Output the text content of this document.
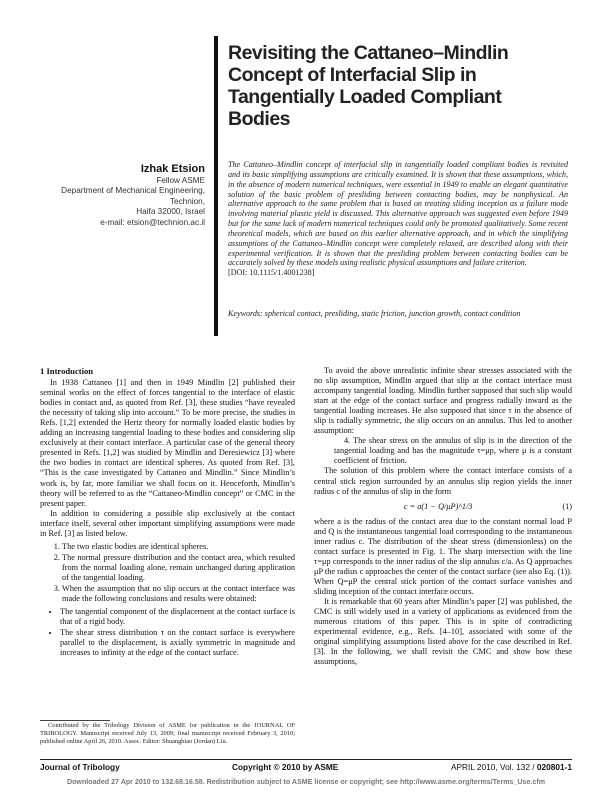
Revisiting the Cattaneo–Mindlin Concept of Interfacial Slip in Tangentially Loaded Compliant Bodies
Izhak Etsion
Fellow ASME
Department of Mechanical Engineering,
Technion,
Haifa 32000, Israel
e-mail: etsion@technion.ac.il
The Cattaneo–Mindlin concept of interfacial slip in tangentially loaded compliant bodies is revisited and its basic simplifying assumptions are critically examined. It is shown that these assumptions, which, in the absence of modern numerical techniques, were essential in 1949 to enable an elegant quantitative solution of the basic problem of presliding between contacting bodies, may be nonphysical. An alternative approach to the same problem that is based on treating sliding inception as a failure mode involving material plastic yield is discussed. This alternative approach was suggested even before 1949 but for the same lack of modern numerical techniques could only be promoted qualitatively. Some recent theoretical models, which are based on this earlier alternative approach, and in which the simplifying assumptions of the Cattaneo–Mindlin concept were completely relaxed, are described along with their experimental verification. It is shown that the presliding problem between contacting bodies can be accurately solved by these models using realistic physical assumptions and failure criterion.
[DOI: 10.1115/1.4001238]
Keywords: spherical contact, presliding, static friction, junction growth, contact condition
1 Introduction

In 1938 Cattaneo [1] and then in 1949 Mindlin [2] published their seminal works on the effect of forces tangential to the interface of elastic bodies in contact and, as quoted from Ref. [3], these studies “have revealed the necessity of taking slip into account.” To be more precise, the studies in Refs. [1,2] extended the Hertz theory for normally loaded elastic bodies by adding an increasing tangential loading to these bodies and considering slip exclusively at their contact interface. A particular case of the general theory presented in Refs. [1,2] was studied by Mindlin and Deresiewicz [3] where the two bodies in contact are identical spheres. As quoted from Ref. [3], “This is the case investigated by Cattaneo and Mindlin.” Since Mindlin’s work is, by far, more familiar we shall focus on it. Henceforth, Mindlin’s theory will be referred to as the “Cattaneo-Mindlin concept” or CMC in the present paper.

In addition to considering a possible slip exclusively at the contact interface itself, several other important simplifying assumptions were made in Ref. [3] as listed below.

1. The two elastic bodies are identical spheres.
2. The normal pressure distribution and the contact area, which resulted from the normal loading alone, remain unchanged during application of the tangential loading.
3. When the assumption that no slip occurs at the contact interface was made the following conclusions and results were obtained:
• The tangential component of the displacement at the contact surface is that of a rigid body.
• The shear stress distribution τ on the contact surface is everywhere parallel to the displacement, is axially symmetric in magnitude and increases to infinity at the edge of the contact surface.

To avoid the above unrealistic infinite shear stresses associated with the no slip assumption, Mindlin argued that slip at the contact interface must accompany tangential loading. Mindlin further supposed that such slip would start at the edge of the contact surface and progress radially inward as the tangential loading increases. He also supposed that since τ in the absence of slip is radially symmetric, the slip occurs on an annulus. This led to another assumption:

4. The shear stress on the annulus of slip is in the direction of the tangential loading and has the magnitude τ=μp, where μ is a constant coefficient of friction.

The solution of this problem where the contact interface consists of a central stick region surrounded by an annulus slip region yields the inner radius c of the annulus of slip in the form

c = a(1 − Q/μP)^1/3	(1)

where a is the radius of the contact area due to the constant normal load P and Q is the instantaneous tangential load corresponding to the instantaneous inner radius c. The distribution of the shear stress (dimensionless) on the contact surface is presented in Fig. 1. The sharp intersection with the line τ=μp corresponds to the inner radius of the slip annulus c/a. As Q approaches μP the radius c approaches the center of the contact surface (see also Eq. (1)). When Q=μP the central stick portion of the contact surface vanishes and sliding inception of the contact interface occurs.

It is remarkable that 60 years after Mindlin’s paper [2] was published, the CMC is still widely used in a variety of applications as evidenced from the numerous citations of this paper. This is in spite of contradicting experimental evidence, e.g., Refs. [4–10], associated with some of the original simplifying assumptions listed above for the case described in Ref. [3]. In the following, we shall revisit the CMC and show how these assumptions,

Contributed by the Tribology Division of ASME for publication in the JOURNAL OF TRIBOLOGY. Manuscript received July 13, 2009; final manuscript received February 3, 2010; published online April 26, 2010. Assoc. Editor: Shuangbiao (Jordan) Liu.
Journal of Tribology	Copyright © 2010 by ASME	APRIL 2010, Vol. 132 / 020801-1
Downloaded 27 Apr 2010 to 132.68.16.58. Redistribution subject to ASME license or copyright; see http://www.asme.org/terms/Terms_Use.cfm
